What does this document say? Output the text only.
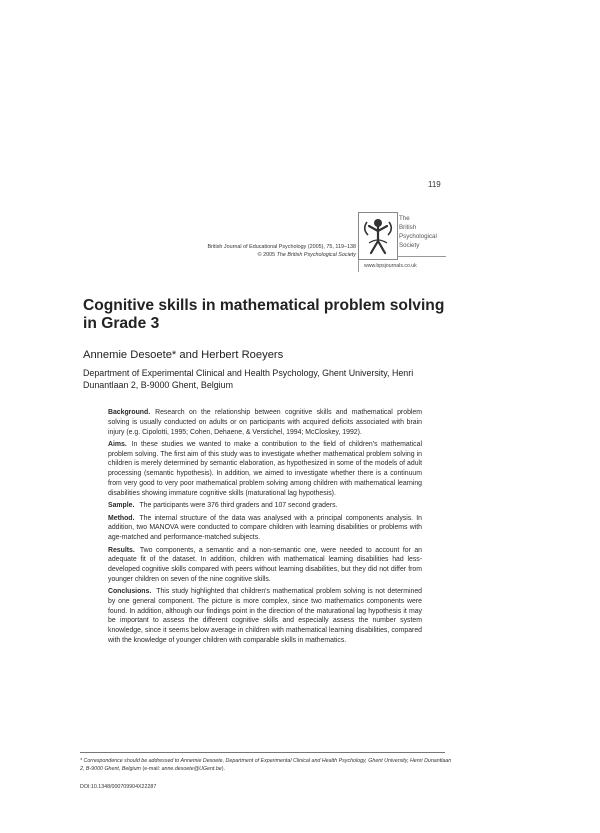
119
British Journal of Educational Psychology (2005), 75, 119–138
© 2005 The British Psychological Society
The
British
Psychological
Society
www.bpsjournals.co.uk
Cognitive skills in mathematical problem solving in Grade 3
Annemie Desoete* and Herbert Roeyers
Department of Experimental Clinical and Health Psychology, Ghent University, Henri Dunantlaan 2, B-9000 Ghent, Belgium

Background. Research on the relationship between cognitive skills and mathematical problem solving is usually conducted on adults or on participants with acquired deficits associated with brain injury (e.g. Cipolotti, 1995; Cohen, Dehaene, & Verstichel, 1994; McCloskey, 1992).

Aims. In these studies we wanted to make a contribution to the field of children's mathematical problem solving. The first aim of this study was to investigate whether mathematical problem solving in children is merely determined by semantic elaboration, as hypothesized in some of the models of adult processing (semantic hypothesis). In addition, we aimed to investigate whether there is a continuum from very good to very poor mathematical problem solving among children with mathematical learning disabilities showing immature cognitive skills (maturational lag hypothesis).

Sample. The participants were 376 third graders and 107 second graders.

Method. The internal structure of the data was analysed with a principal components analysis. In addition, two MANOVA were conducted to compare children with learning disabilities or problems with age-matched and performance-matched subjects.

Results. Two components, a semantic and a non-semantic one, were needed to account for an adequate fit of the dataset. In addition, children with mathematical learning disabilities had less-developed cognitive skills compared with peers without learning disabilities, but they did not differ from younger children on seven of the nine cognitive skills.

Conclusions. This study highlighted that children's mathematical problem solving is not determined by one general component. The picture is more complex, since two mathematics components were found. In addition, although our findings point in the direction of the maturational lag hypothesis it may be important to assess the different cognitive skills and especially assess the number system knowledge, since it seems below average in children with mathematical learning disabilities, compared with the knowledge of younger children with comparable skills in mathematics.

* Correspondence should be addressed to Annemie Desoete, Department of Experimental Clinical and Health Psychology, Ghent University, Henri Dunantlaan 2, B-9000 Ghent, Belgium (e-mail: anne.desoete@UGent.be).
DOI:10.1348/000709904X22287
